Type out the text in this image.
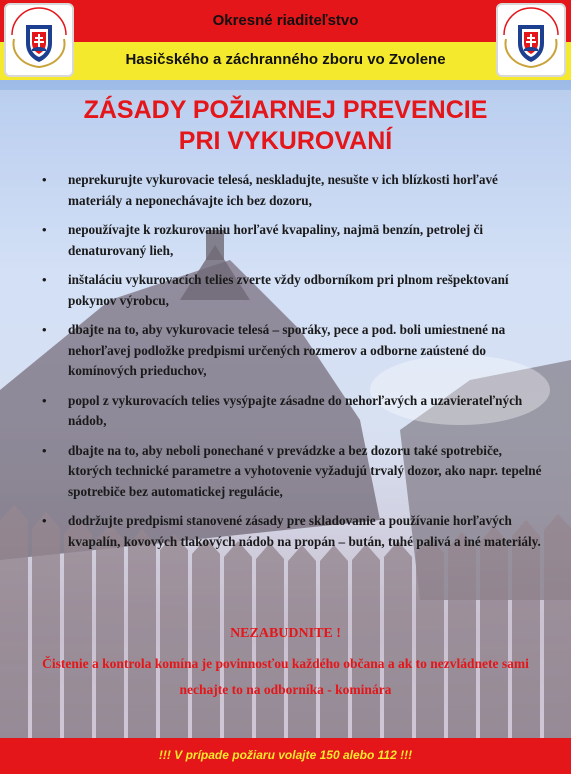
Okresné riaditeľstvo
Hasičského a záchranného zboru vo Zvolene
ZÁSADY POŽIARNEJ PREVENCIE
PRI VYKUROVANÍ
• neprekurujte vykurovacie telesá, neskladujte, nesušte v ich blízkosti horľavé materiály a neponechávajte ich bez dozoru,
• nepoužívajte k rozkurovaniu horľavé kvapaliny, najmä benzín, petrolej či denaturovaný lieh,
• inštaláciu vykurovacích telies zverte vždy odborníkom pri plnom rešpektovaní pokynov výrobcu,
• dbajte na to, aby vykurovacie telesá – sporáky, pece a pod. boli umiestnené na nehorľavej podložke predpismi určených rozmerov a odborne zaústené do komínových prieduchov,
• popol z vykurovacích telies vysýpajte zásadne do nehorľavých a uzavierateľných nádob,
• dbajte na to, aby neboli ponechané v prevádzke a bez dozoru také spotrebiče, ktorých technické parametre a vyhotovenie vyžadujú trvalý dozor, ako napr. tepelné spotrebiče bez automatickej regulácie,
• dodržujte predpismi stanovené zásady pre skladovanie a používanie horľavých kvapalín, kovových tlakových nádob na propán – bután, tuhé palivá a iné materiály.
NEZABUDNITE !
Čistenie a kontrola komína je povinnosťou každého občana a ak to nezvládnete sami nechajte to na odborníka - kominára
!!! V prípade požiaru volajte 150 alebo 112 !!!
